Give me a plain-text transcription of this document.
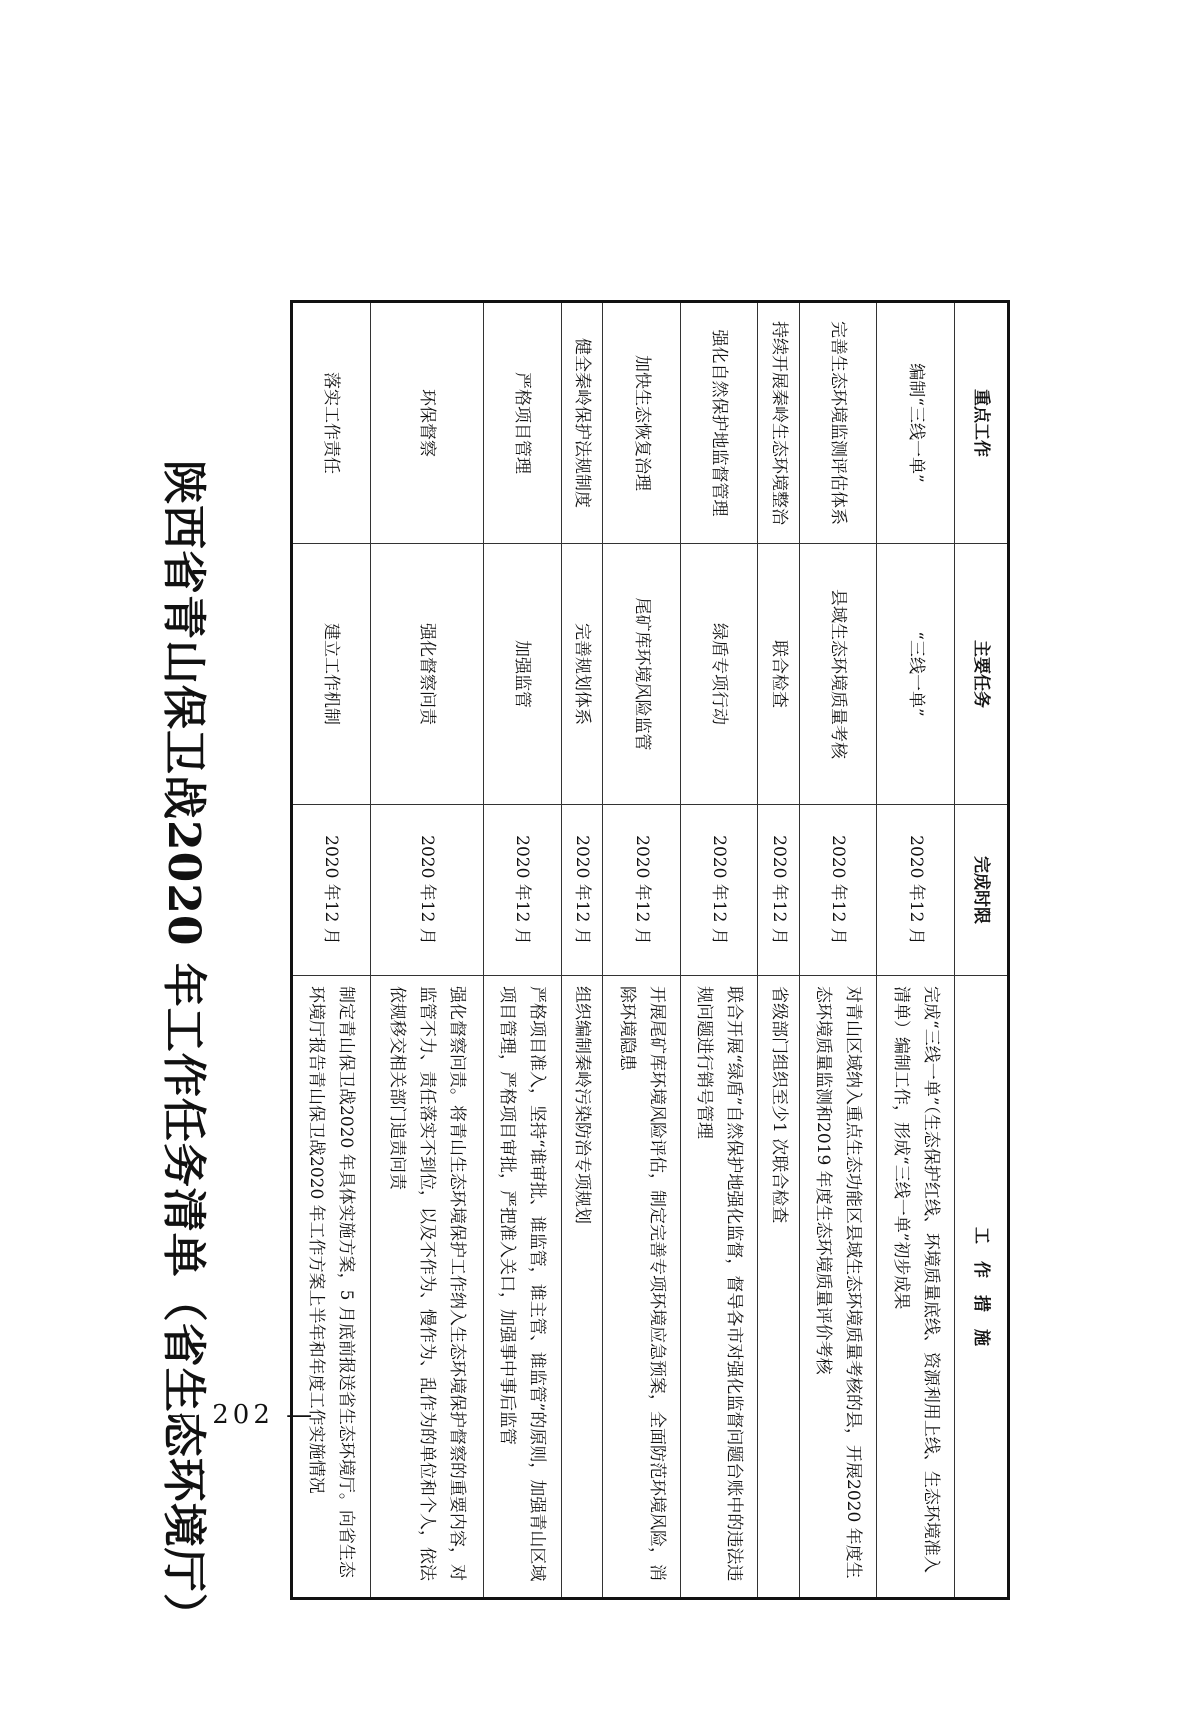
重点工作	主要任务	完成时限	工　作　措　施
编制“三线一单”	“三线一单”	2020 年12 月	完成“三线一单”（生态保护红线、环境质量底线、资源利用上线、生态环境准入清单）编制工作，形成“三线一单”初步成果
完善生态环境监测评估体系	县域生态环境质量考核	2020 年12 月	对青山区域纳入重点生态功能区县域生态环境质量考核的县，开展2020 年度生态环境质量监测和2019 年度生态环境质量评价考核
持续开展秦岭生态环境整治	联合检查	2020 年12 月	省级部门组织至少1 次联合检查
强化自然保护地监督管理	绿盾专项行动	2020 年12 月	联合开展“绿盾”自然保护地强化监督，督导各市对强化监督问题台账中的违法违规问题进行销号管理
加快生态恢复治理	尾矿库环境风险监管	2020 年12 月	开展尾矿库环境风险评估，制定完善专项环境应急预案，全面防范环境风险，消除环境隐患
健全秦岭保护法规制度	完善规划体系	2020 年12 月	组织编制秦岭污染防治专项规划
严格项目管理	加强监管	2020 年12 月	严格项目准入，坚持“谁审批、谁监管，谁主管、谁监管”的原则，加强青山区域项目管理，严格项目审批，严把准入关口，加强事中事后监管
环保督察	强化督察问责	2020 年12 月	强化督察问责。将青山生态环境保护工作纳入生态环境保护督察的重要内容，对监管不力、责任落实不到位，以及不作为、慢作为、乱作为的单位和个人，依法依规移交相关部门追责问责
落实工作责任	建立工作机制	2020 年12 月	制定青山保卫战2020 年具体实施方案，5 月底前报送省生态环境厅。向省生态环境厅报告青山保卫战2020 年工作方案上半年和年度工作实施情况
陕西省青山保卫战2020 年工作任务清单（省生态环境厅）
— 202 —
